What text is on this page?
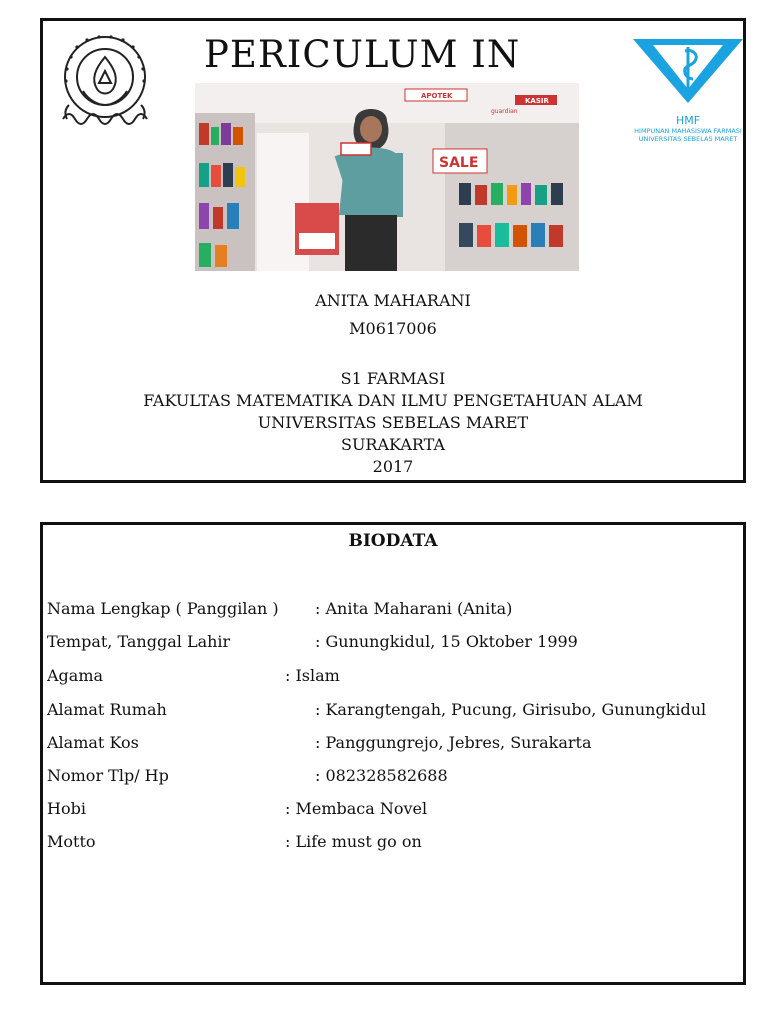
PERICULUM IN
HMF
HIMPUNAN MAHASISWA FARMASI
UNIVERSITAS SEBELAS MARET
APOTEK
KASIR
guardian
SALE
ANITA MAHARANI
M0617006
S1 FARMASI
FAKULTAS MATEMATIKA DAN ILMU PENGETAHUAN ALAM
UNIVERSITAS SEBELAS MARET
SURAKARTA
2017
BIODATA
Nama Lengkap ( Panggilan ) : Anita Maharani (Anita)
Tempat, Tanggal Lahir	: Gunungkidul, 15 Oktober 1999
Agama	: Islam
Alamat Rumah	: Karangtengah, Pucung, Girisubo, Gunungkidul
Alamat Kos	: Panggungrejo, Jebres, Surakarta
Nomor Tlp/ Hp	: 082328582688
Hobi	: Membaca Novel
Motto	: Life must go on
